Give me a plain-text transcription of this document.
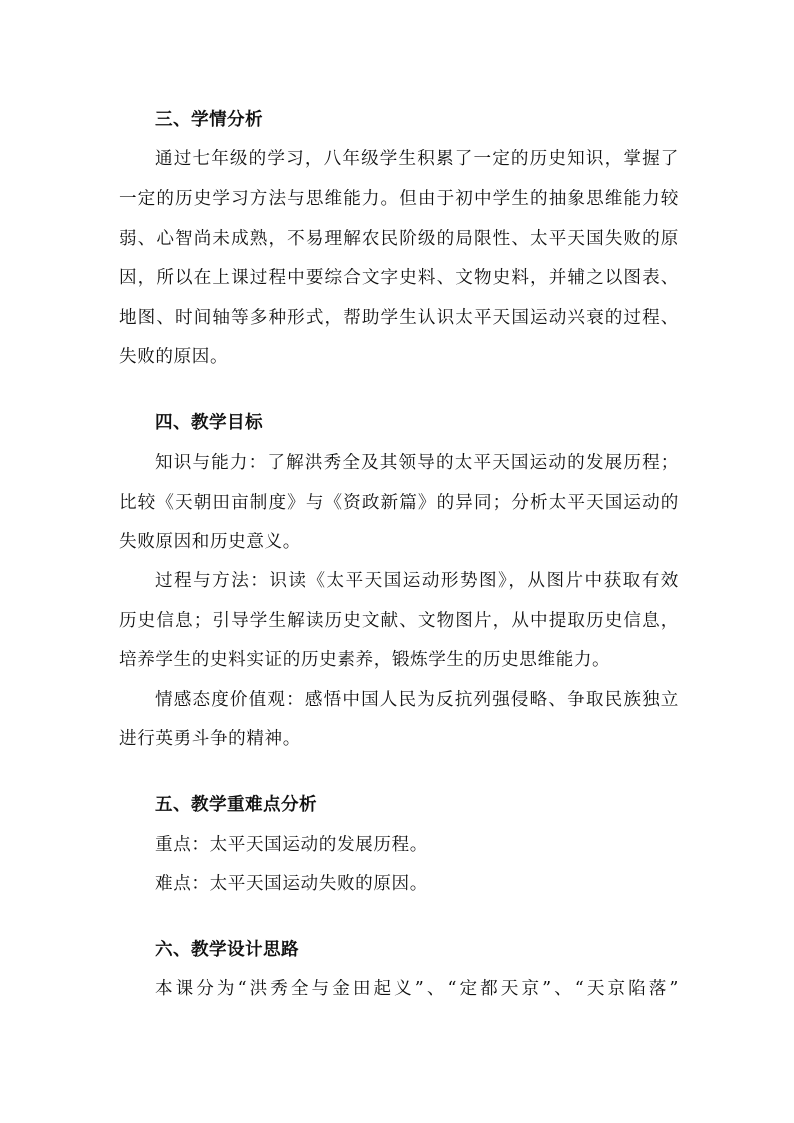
三、学情分析
通过七年级的学习，八年级学生积累了一定的历史知识，掌握了
一定的历史学习方法与思维能力。但由于初中学生的抽象思维能力较
弱、心智尚未成熟，不易理解农民阶级的局限性、太平天国失败的原
因，所以在上课过程中要综合文字史料、文物史料，并辅之以图表、
地图、时间轴等多种形式，帮助学生认识太平天国运动兴衰的过程、
失败的原因。
四、教学目标
知识与能力：了解洪秀全及其领导的太平天国运动的发展历程；
比较《天朝田亩制度》与《资政新篇》的异同；分析太平天国运动的
失败原因和历史意义。
过程与方法：识读《太平天国运动形势图》，从图片中获取有效
历史信息；引导学生解读历史文献、文物图片，从中提取历史信息，
培养学生的史料实证的历史素养，锻炼学生的历史思维能力。
情感态度价值观：感悟中国人民为反抗列强侵略、争取民族独立
进行英勇斗争的精神。
五、教学重难点分析
重点：太平天国运动的发展历程。
难点：太平天国运动失败的原因。
六、教学设计思路
本课分为“洪秀全与金田起义”、“定都天京”、“天京陷落”
